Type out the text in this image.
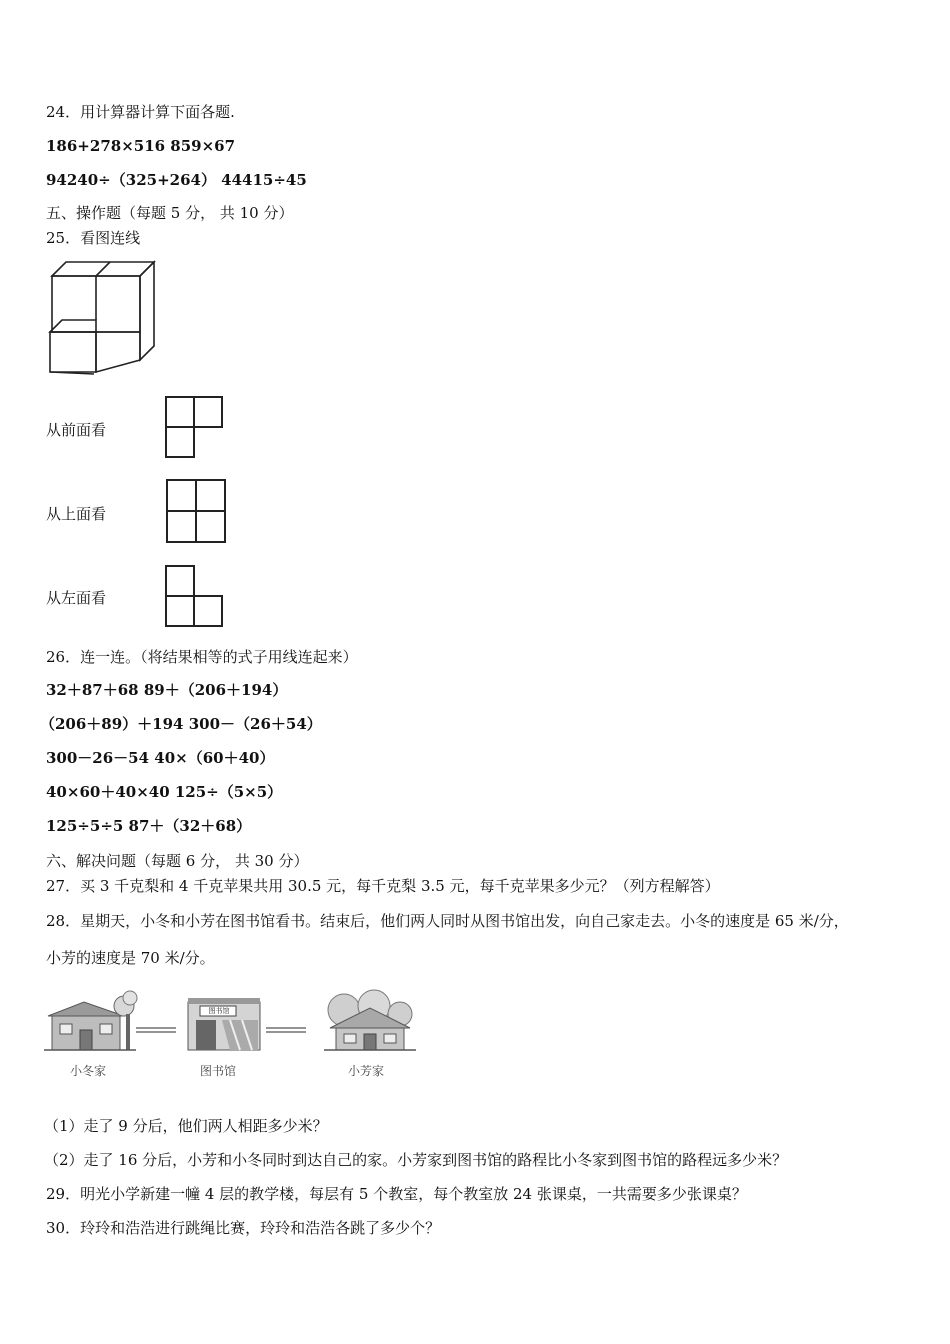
24．用计算器计算下面各题.
186+278×516 859×67
94240÷（325+264） 44415÷45
五、操作题（每题 5 分， 共 10 分）
25．看图连线
从前面看
从上面看
从左面看
26．连一连。（将结果相等的式子用线连起来）
32＋87＋68 89＋（206＋194）
（206＋89）＋194 300－（26＋54）
300－26－54 40×（60＋40）
40×60＋40×40 125÷（5×5）
125÷5÷5 87＋（32＋68）
六、解决问题（每题 6 分， 共 30 分）
27．买 3 千克梨和 4 千克苹果共用 30.5 元，每千克梨 3.5 元，每千克苹果多少元？（列方程解答）
28．星期天，小冬和小芳在图书馆看书。结束后，他们两人同时从图书馆出发，向自己家走去。小冬的速度是 65 米/分，
小芳的速度是 70 米/分。
图书馆
小冬家	图书馆	小芳家
（1）走了 9 分后，他们两人相距多少米？
（2）走了 16 分后，小芳和小冬同时到达自己的家。小芳家到图书馆的路程比小冬家到图书馆的路程远多少米？
29．明光小学新建一幢 4 层的教学楼，每层有 5 个教室，每个教室放 24 张课桌，一共需要多少张课桌？
30．玲玲和浩浩进行跳绳比赛，玲玲和浩浩各跳了多少个？
